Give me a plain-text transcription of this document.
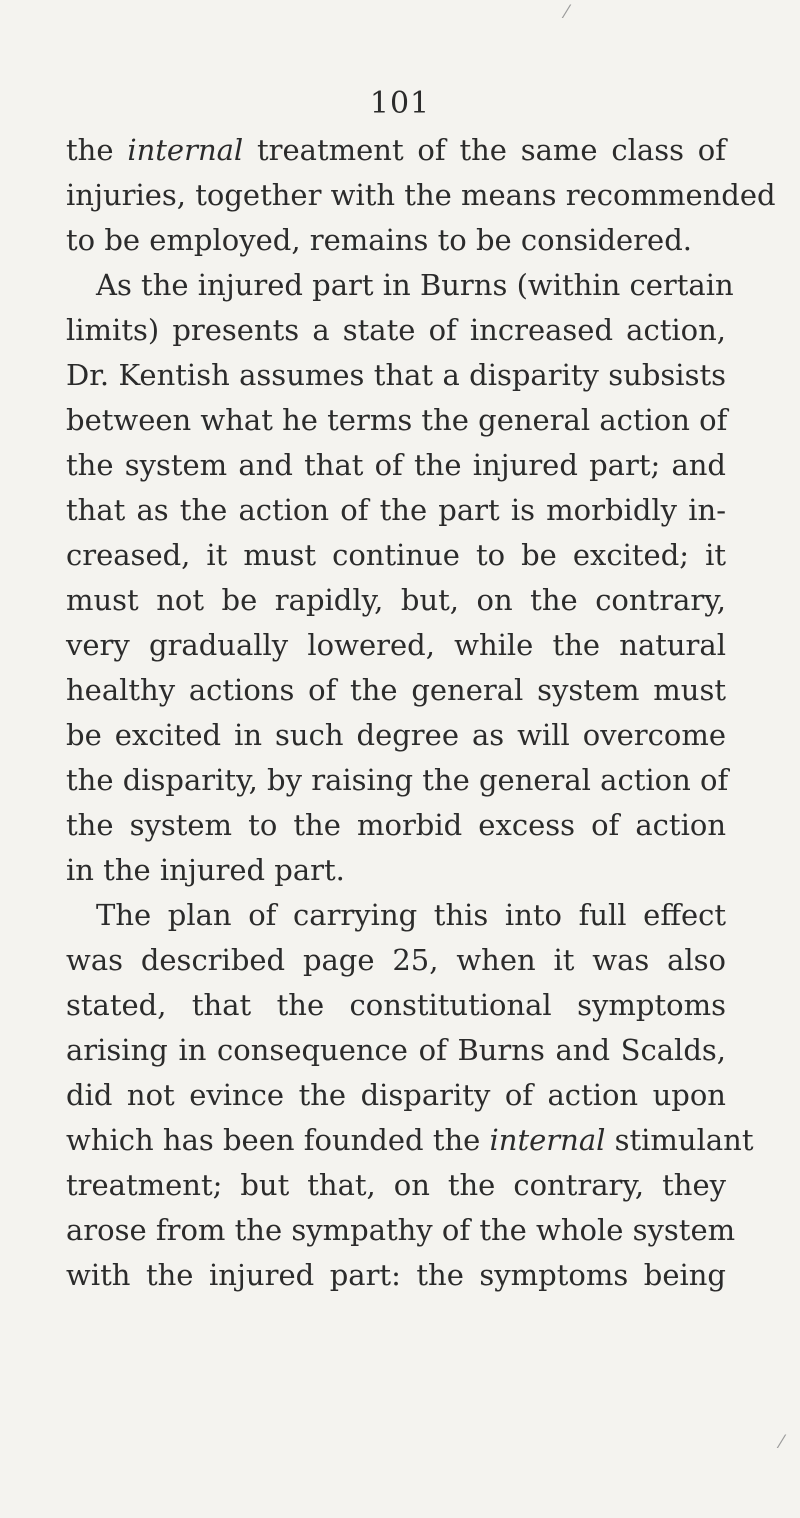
101
the internal treatment of the same class of
injuries, together with the means recommended
to be employed, remains to be considered.
As the injured part in Burns (within certain
limits) presents a state of increased action,
Dr. Kentish assumes that a disparity subsists
between what he terms the general action of
the system and that of the injured part; and
that as the action of the part is morbidly in-
creased, it must continue to be excited; it
must not be rapidly, but, on the contrary,
very gradually lowered, while the natural
healthy actions of the general system must
be excited in such degree as will overcome
the disparity, by raising the general action of
the system to the morbid excess of action
in the injured part.
The plan of carrying this into full effect
was described page 25, when it was also
stated, that the constitutional symptoms
arising in consequence of Burns and Scalds,
did not evince the disparity of action upon
which has been founded the internal stimulant
treatment; but that, on the contrary, they
arose from the sympathy of the whole system
with the injured part: the symptoms being
⁄
⁄
